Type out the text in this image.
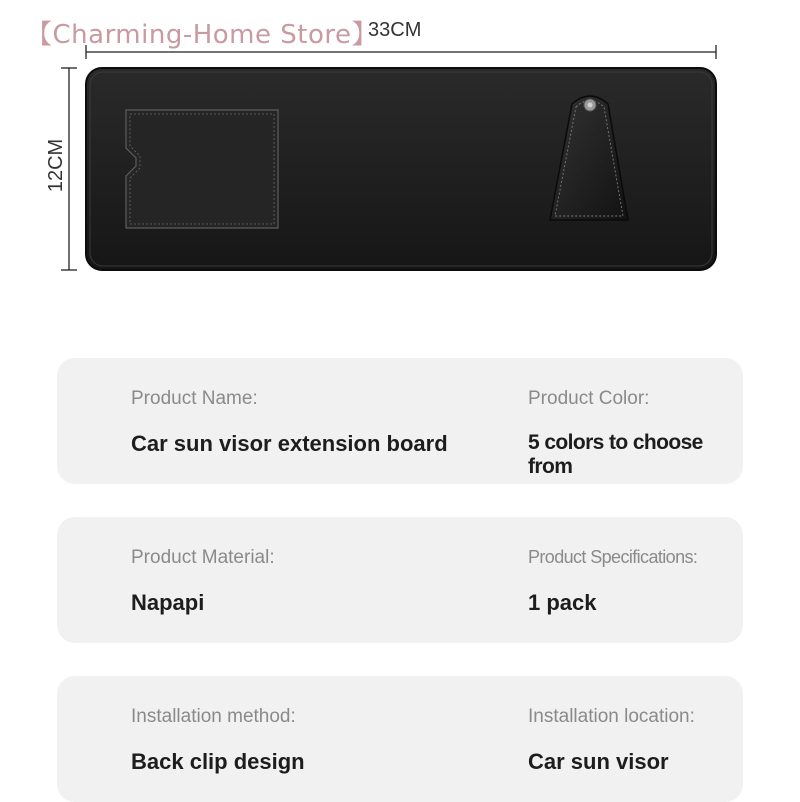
【Charming-Home Store】
33CM
12CM
Product Name:
Car sun visor extension board
Product Color:
5 colors to choose from
Product Material:
Napapi
Product Specifications:
1 pack
Installation method:
Back clip design
Installation location:
Car sun visor
